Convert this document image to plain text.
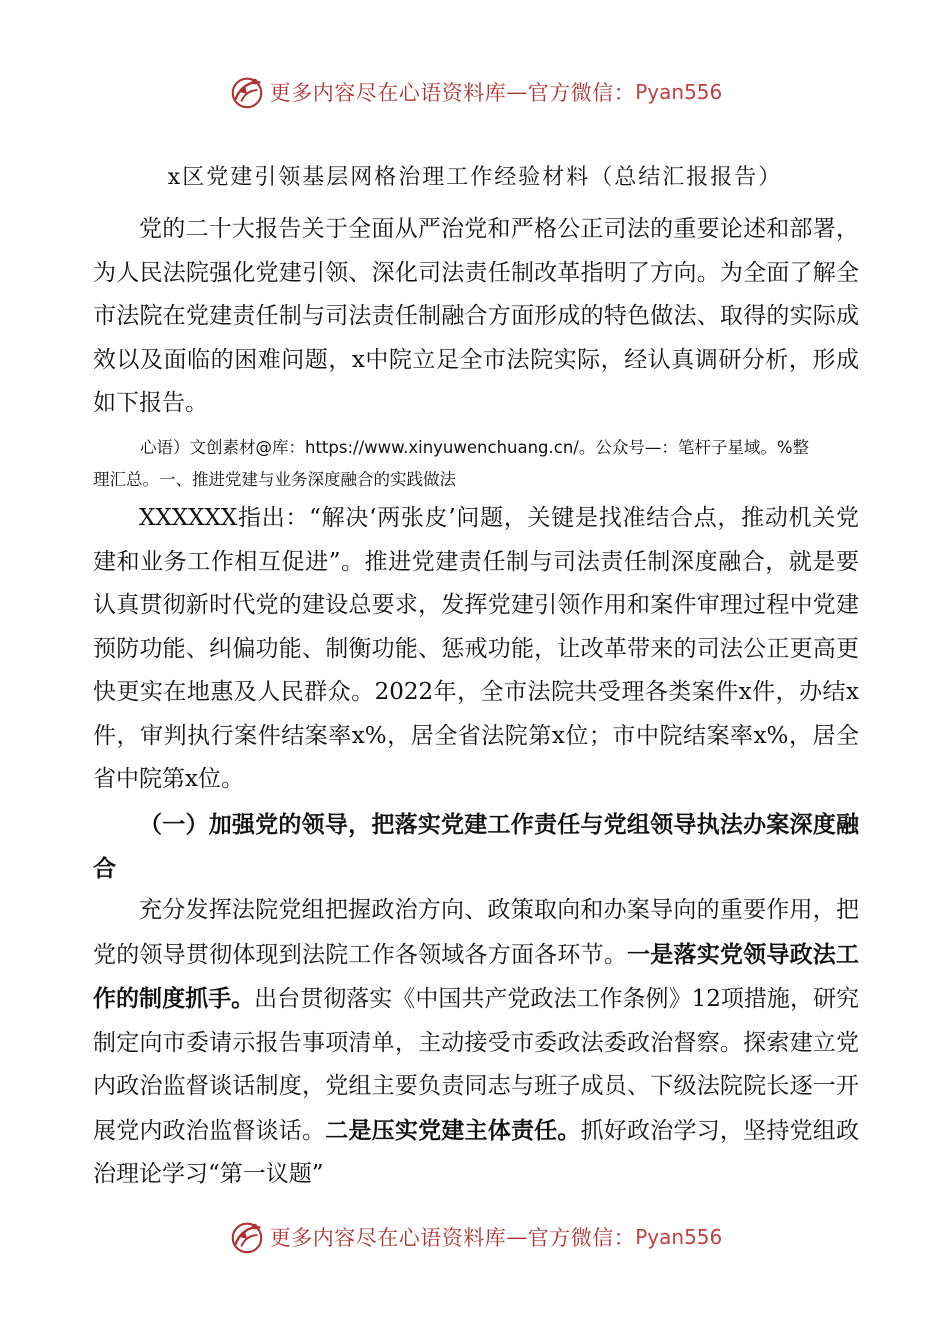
更多内容尽在心语资料库 — 官方微信： Pyan556
x区党建引领基层网格治理工作经验材料（总结汇报报告）

党的二十大报告关于全面从严治党和严格公正司法的重要论述和部署，为人民法院强化党建引领、深化司法责任制改革指明了方向。为全面了解全市法院在党建责任制与司法责任制融合方面形成的特色做法、取得的实际成效以及面临的困难问题，x中院立足全市法院实际，经认真调研分析，形成如下报告。

心语）文创素材@库：https://www.xinyuwenchuang.cn/。公众号—：笔杆子星域。%整

理汇总。一、推进党建与业务深度融合的实践做法

XXXXXX指出：“解决‘两张皮’问题，关键是找准结合点，推动机关党建和业务工作相互促进”。推进党建责任制与司法责任制深度融合，就是要认真贯彻新时代党的建设总要求，发挥党建引领作用和案件审理过程中党建预防功能、纠偏功能、制衡功能、惩戒功能，让改革带来的司法公正更高更快更实在地惠及人民群众。2022年，全市法院共受理各类案件x件，办结x件，审判执行案件结案率x%，居全省法院第x位；市中院结案率x%，居全省中院第x位。

（一）加强党的领导，把落实党建工作责任与党组领导执法办案深度融合

充分发挥法院党组把握政治方向、政策取向和办案导向的重要作用，把党的领导贯彻体现到法院工作各领域各方面各环节。一是落实党领导政法工作的制度抓手。出台贯彻落实《中国共产党政法工作条例》12项措施，研究制定向市委请示报告事项清单，主动接受市委政法委政治督察。探索建立党内政治监督谈话制度，党组主要负责同志与班子成员、下级法院院长逐一开展党内政治监督谈话。二是压实党建主体责任。抓好政治学习，坚持党组政治理论学习“第一议题”

更多内容尽在心语资料库 — 官方微信： Pyan556
